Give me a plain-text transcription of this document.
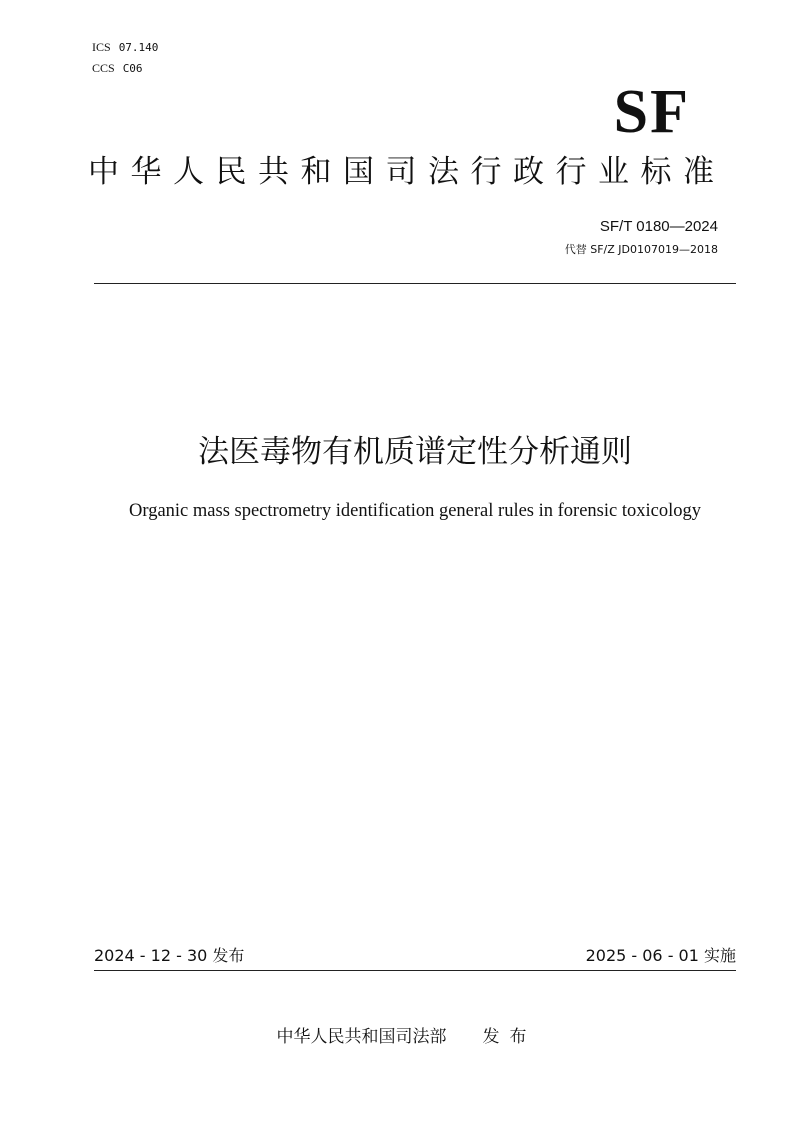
ICS 07.140
CCS C06
SF
中华人民共和国司法行政行业标准
SF/T 0180—2024
代替 SF/Z JD0107019—2018
法医毒物有机质谱定性分析通则
Organic mass spectrometry identification general rules in forensic toxicology
2024 - 12 - 30 发布	2025 - 06 - 01 实施
中华人民共和国司法部 发布
